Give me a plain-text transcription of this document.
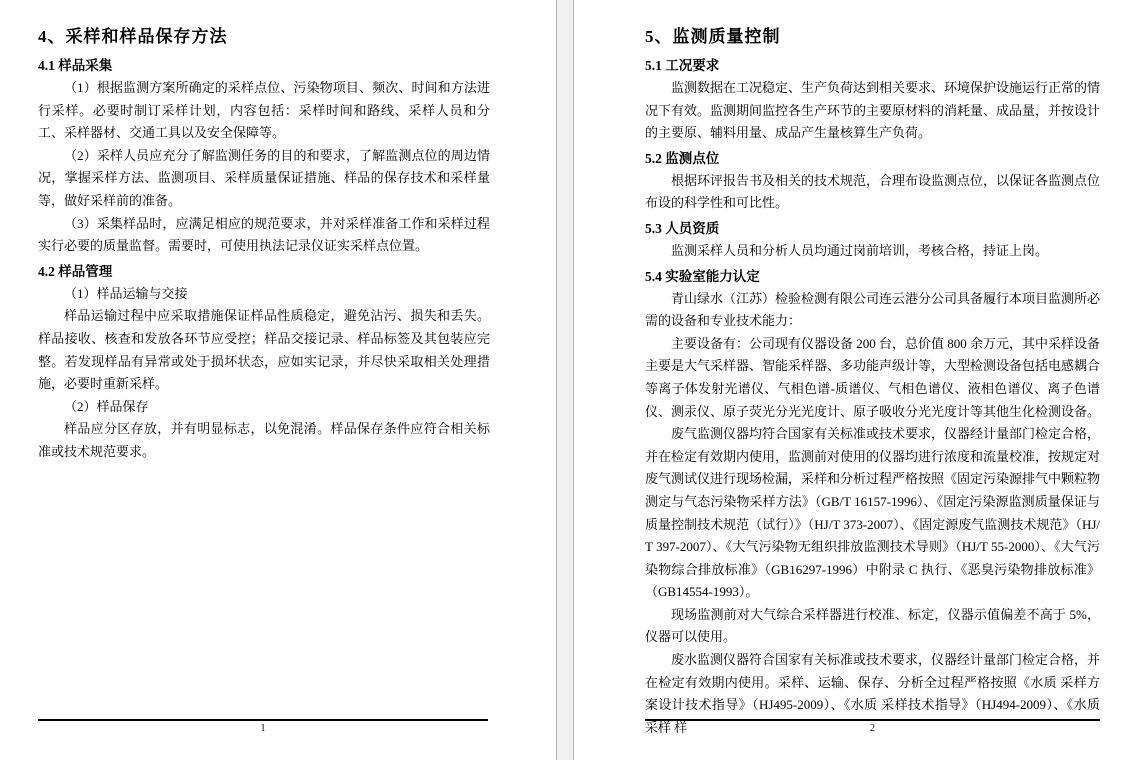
4、采样和样品保存方法
4.1 样品采集

（1）根据监测方案所确定的采样点位、污染物项目、频次、时间和方法进行采样。必要时制订采样计划，内容包括：采样时间和路线、采样人员和分工、采样器材、交通工具以及安全保障等。

（2）采样人员应充分了解监测任务的目的和要求，了解监测点位的周边情况，掌握采样方法、监测项目、采样质量保证措施、样品的保存技术和采样量等，做好采样前的准备。

（3）采集样品时，应满足相应的规范要求，并对采样准备工作和采样过程实行必要的质量监督。需要时，可使用执法记录仪证实采样点位置。

4.2 样品管理

（1）样品运输与交接

样品运输过程中应采取措施保证样品性质稳定，避免沾污、损失和丢失。样品接收、核查和发放各环节应受控；样品交接记录、样品标签及其包装应完整。若发现样品有异常或处于损坏状态，应如实记录，并尽快采取相关处理措施，必要时重新采样。

（2）样品保存

样品应分区存放，并有明显标志，以免混淆。样品保存条件应符合相关标准或技术规范要求。

1
5、监测质量控制
5.1 工况要求

监测数据在工况稳定、生产负荷达到相关要求、环境保护设施运行正常的情况下有效。监测期间监控各生产环节的主要原材料的消耗量、成品量，并按设计的主要原、辅料用量、成品产生量核算生产负荷。

5.2 监测点位

根据环评报告书及相关的技术规范，合理布设监测点位，以保证各监测点位布设的科学性和可比性。

5.3 人员资质

监测采样人员和分析人员均通过岗前培训，考核合格，持证上岗。

5.4 实验室能力认定

青山绿水（江苏）检验检测有限公司连云港分公司具备履行本项目监测所必需的设备和专业技术能力：

主要设备有：公司现有仪器设备 200 台，总价值 800 余万元，其中采样设备主要是大气采样器、智能采样器、多功能声级计等，大型检测设备包括电感耦合等离子体发射光谱仪、气相色谱-质谱仪、气相色谱仪、液相色谱仪、离子色谱仪、测汞仪、原子荧光分光光度计、原子吸收分光光度计等其他生化检测设备。

废气监测仪器均符合国家有关标准或技术要求，仪器经计量部门检定合格，并在检定有效期内使用，监测前对使用的仪器均进行浓度和流量校准，按规定对废气测试仪进行现场检漏，采样和分析过程严格按照《固定污染源排气中颗粒物测定与气态污染物采样方法》（GB/T 16157-1996）、《固定污染源监测质量保证与质量控制技术规范（试行）》（HJ/T 373-2007）、《固定源废气监测技术规范》（HJ/T 397-2007）、《大气污染物无组织排放监测技术导则》（HJ/T 55-2000）、《大气污染物综合排放标准》（GB16297-1996）中附录 C 执行、《恶臭污染物排放标准》（GB14554-1993）。

现场监测前对大气综合采样器进行校准、标定，仪器示值偏差不高于 5%，仪器可以使用。

废水监测仪器符合国家有关标准或技术要求，仪器经计量部门检定合格，并在检定有效期内使用。采样、运输、保存、分析全过程严格按照《水质 采样方案设计技术指导》（HJ495-2009）、《水质 采样技术指导》（HJ494-2009）、《水质采样 样	2
